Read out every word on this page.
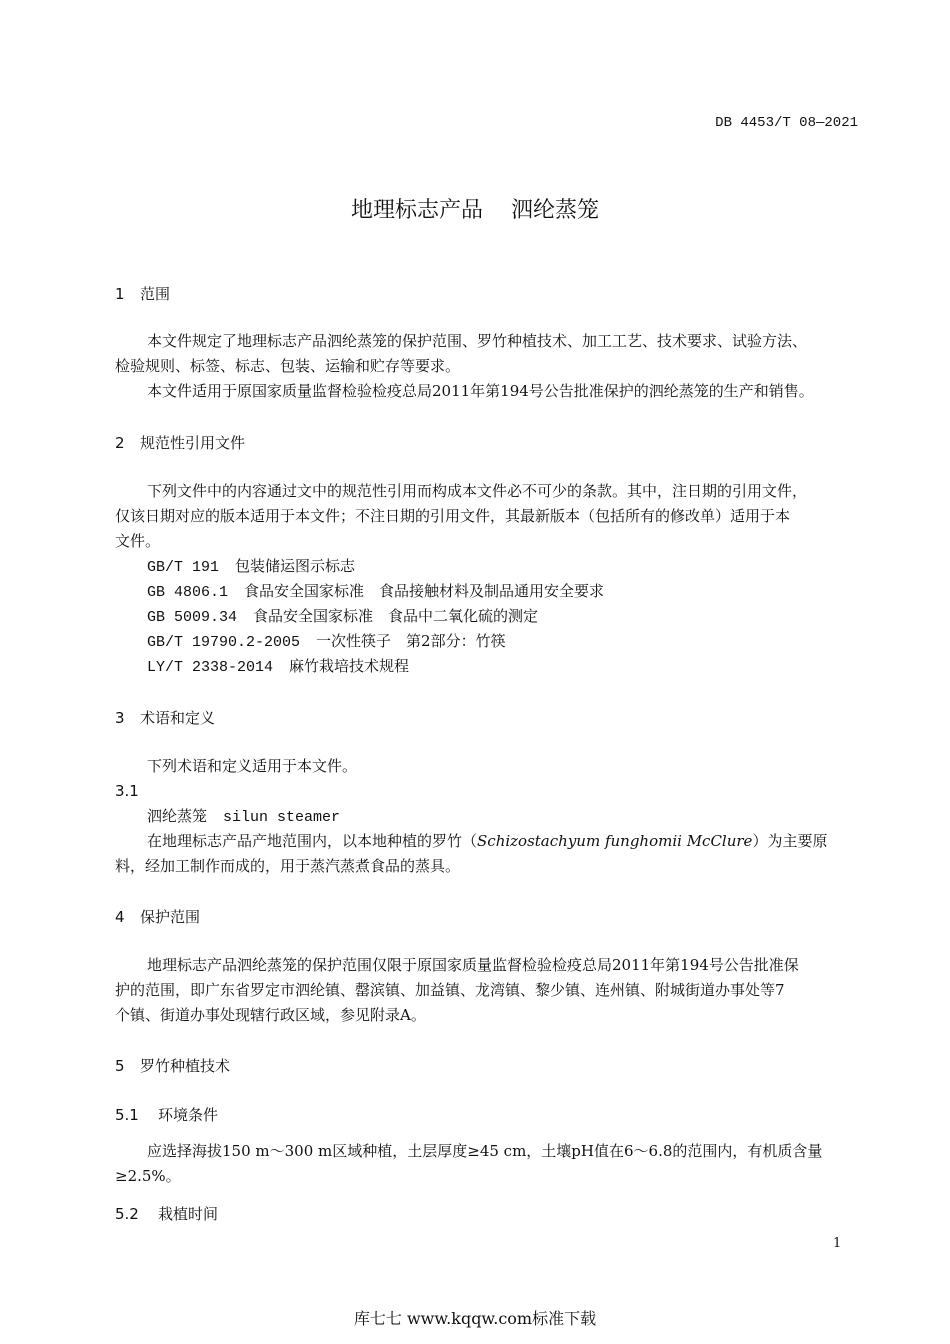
DB 4453/T 08—2021
地理标志产品 泗纶蒸笼
1 范围
本文件规定了地理标志产品泗纶蒸笼的保护范围、罗竹种植技术、加工工艺、技术要求、试验方法、
检验规则、标签、标志、包装、运输和贮存等要求。
本文件适用于原国家质量监督检验检疫总局2011年第194号公告批准保护的泗纶蒸笼的生产和销售。
2 规范性引用文件
下列文件中的内容通过文中的规范性引用而构成本文件必不可少的条款。其中，注日期的引用文件，
仅该日期对应的版本适用于本文件；不注日期的引用文件，其最新版本（包括所有的修改单）适用于本
文件。
GB/T 191 包装储运图示标志
GB 4806.1 食品安全国家标准　食品接触材料及制品通用安全要求
GB 5009.34 食品安全国家标准　食品中二氧化硫的测定
GB/T 19790.2-2005 一次性筷子　第2部分：竹筷
LY/T 2338-2014 麻竹栽培技术规程
3 术语和定义
下列术语和定义适用于本文件。
3.1
泗纶蒸笼 silun steamer
在地理标志产品产地范围内，以本地种植的罗竹（Schizostachyum funghomii McClure）为主要原
料，经加工制作而成的，用于蒸汽蒸煮食品的蒸具。
4 保护范围
地理标志产品泗纶蒸笼的保护范围仅限于原国家质量监督检验检疫总局2011年第194号公告批准保
护的范围，即广东省罗定市泗纶镇、罄滨镇、加益镇、龙湾镇、黎少镇、连州镇、附城街道办事处等7
个镇、街道办事处现辖行政区域，参见附录A。
5 罗竹种植技术
5.1 环境条件
应选择海拔150 m～300 m区域种植，土层厚度≥45 cm，土壤pH值在6～6.8的范围内，有机质含量
≥2.5%。
5.2 栽植时间
1
库七七 www.kqqw.com标准下载
